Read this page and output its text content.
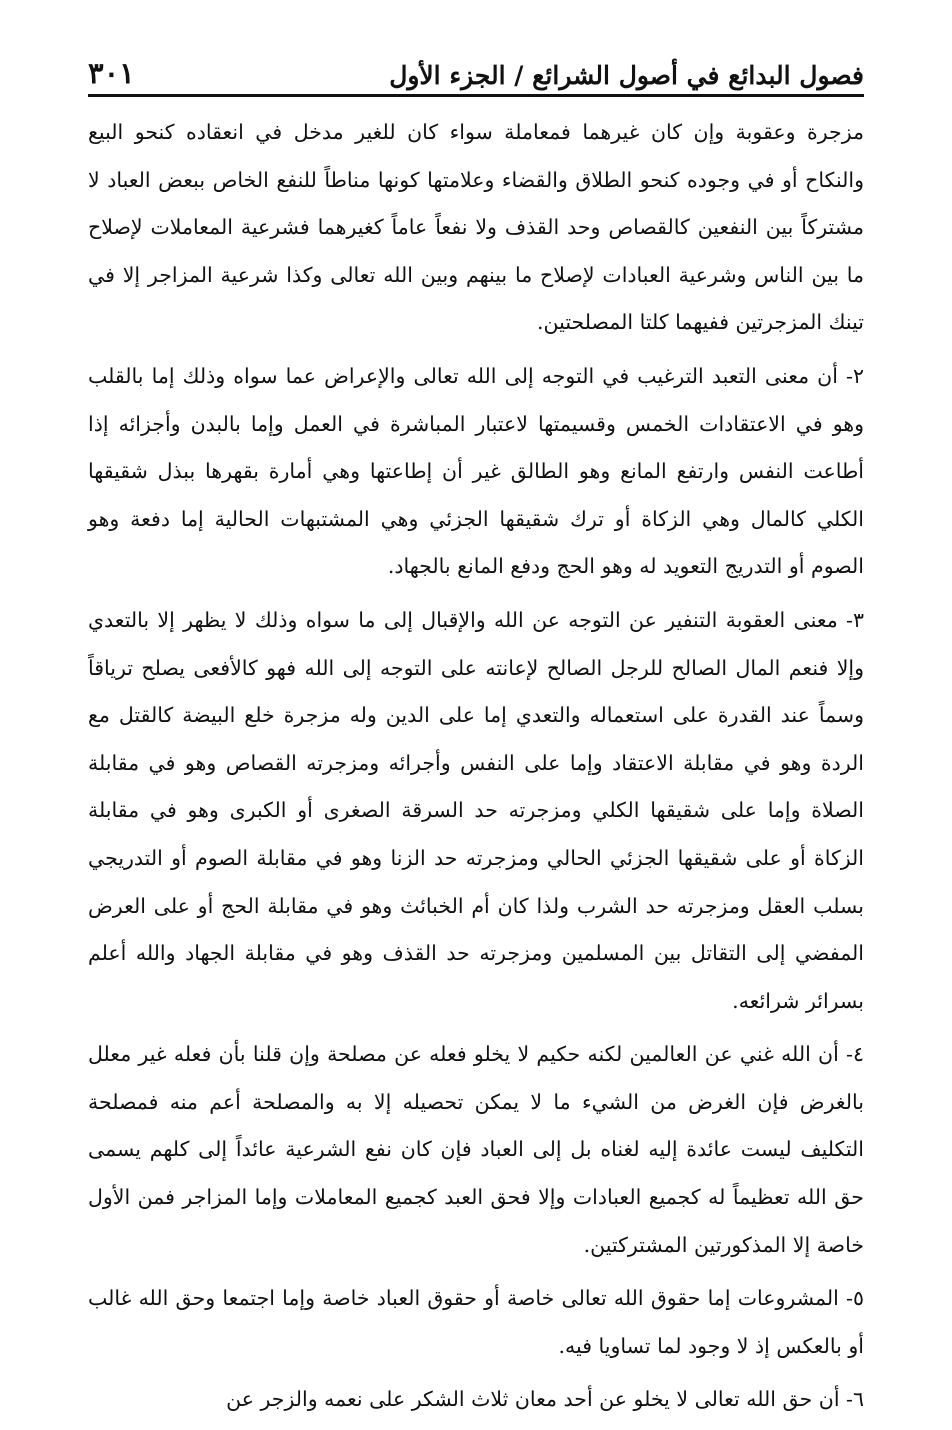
فصول البدائع في أصول الشرائع / الجزء الأول
٣٠١

مزجرة وعقوبة وإن كان غيرهما فمعاملة سواء كان للغير مدخل في انعقاده كنحو البيع والنكاح أو في وجوده كنحو الطلاق والقضاء وعلامتها كونها مناطاً للنفع الخاص ببعض العباد لا مشتركاً بين النفعين كالقصاص وحد القذف ولا نفعاً عاماً كغيرهما فشرعية المعاملات لإصلاح ما بين الناس وشرعية العبادات لإصلاح ما بينهم وبين الله تعالى وكذا شرعية المزاجر إلا في تينك المزجرتين ففيهما كلتا المصلحتين.

٢- أن معنى التعبد الترغيب في التوجه إلى الله تعالى والإعراض عما سواه وذلك إما بالقلب وهو في الاعتقادات الخمس وقسيمتها لاعتبار المباشرة في العمل وإما بالبدن وأجزائه إذا أطاعت النفس وارتفع المانع وهو الطالق غير أن إطاعتها وهي أمارة بقهرها ببذل شقيقها الكلي كالمال وهي الزكاة أو ترك شقيقها الجزئي وهي المشتبهات الحالية إما دفعة وهو الصوم أو التدريج التعويد له وهو الحج ودفع المانع بالجهاد.

٣- معنى العقوبة التنفير عن التوجه عن الله والإقبال إلى ما سواه وذلك لا يظهر إلا بالتعدي وإلا فنعم المال الصالح للرجل الصالح لإعانته على التوجه إلى الله فهو كالأفعى يصلح ترياقاً وسماً عند القدرة على استعماله والتعدي إما على الدين وله مزجرة خلع البيضة كالقتل مع الردة وهو في مقابلة الاعتقاد وإما على النفس وأجرائه ومزجرته القصاص وهو في مقابلة الصلاة وإما على شقيقها الكلي ومزجرته حد السرقة الصغرى أو الكبرى وهو في مقابلة الزكاة أو على شقيقها الجزئي الحالي ومزجرته حد الزنا وهو في مقابلة الصوم أو التدريجي بسلب العقل ومزجرته حد الشرب ولذا كان أم الخبائث وهو في مقابلة الحج أو على العرض المفضي إلى التقاتل بين المسلمين ومزجرته حد القذف وهو في مقابلة الجهاد والله أعلم بسرائر شرائعه.

٤- أن الله غني عن العالمين لكنه حكيم لا يخلو فعله عن مصلحة وإن قلنا بأن فعله غير معلل بالغرض فإن الغرض من الشيء ما لا يمكن تحصيله إلا به والمصلحة أعم منه فمصلحة التكليف ليست عائدة إليه لغناه بل إلى العباد فإن كان نفع الشرعية عائداً إلى كلهم يسمى حق الله تعظيماً له كجميع العبادات وإلا فحق العبد كجميع المعاملات وإما المزاجر فمن الأول خاصة إلا المذكورتين المشتركتين.

٥- المشروعات إما حقوق الله تعالى خاصة أو حقوق العباد خاصة وإما اجتمعا وحق الله غالب أو بالعكس إذ لا وجود لما تساويا فيه.

٦- أن حق الله تعالى لا يخلو عن أحد معان ثلاث الشكر على نعمه والزجر عن
